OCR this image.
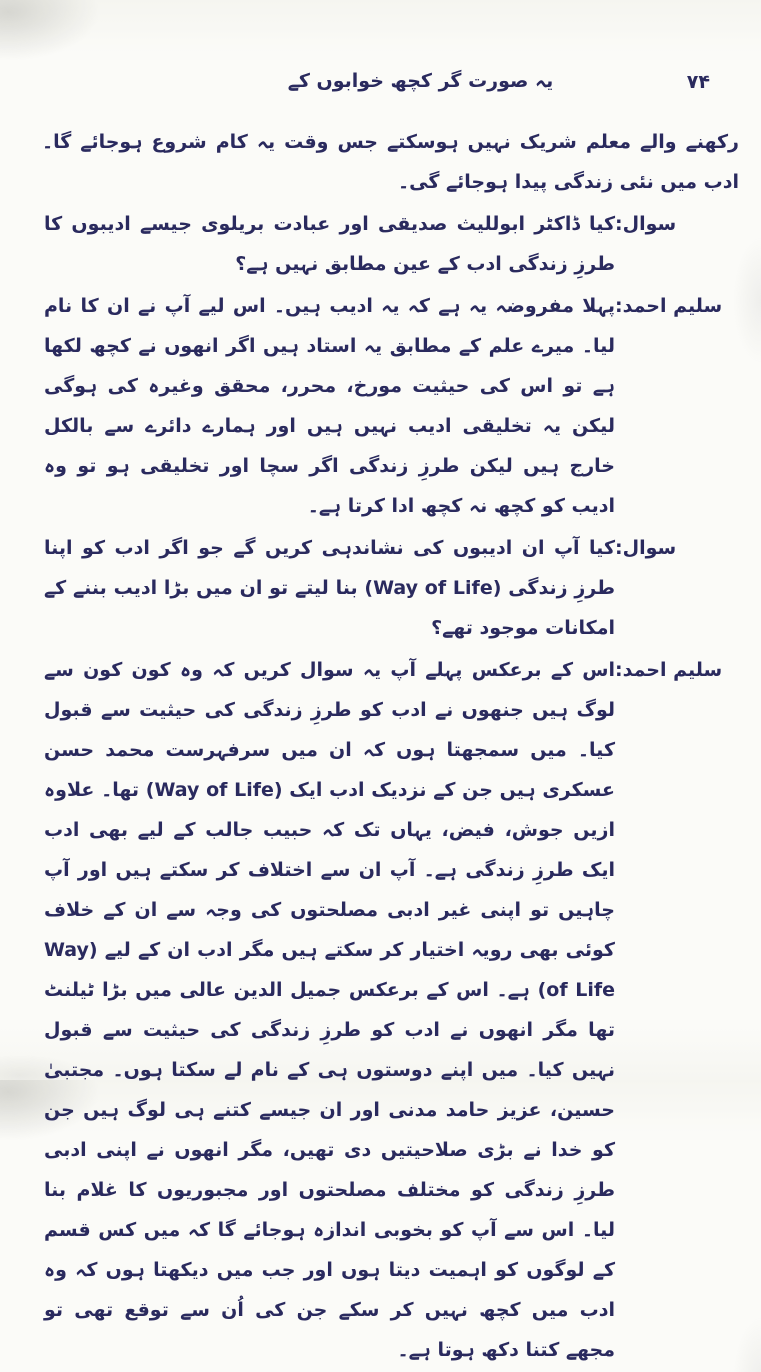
یہ صورت گر کچھ خوابوں کے	۷۴

رکھنے والے معلم شریک نہیں ہوسکتے جس وقت یہ کام شروع ہوجائے گا۔ ادب میں نئی زندگی پیدا ہوجائے گی۔

سوال:
کیا ڈاکٹر ابوللیث صدیقی اور عبادت بریلوی جیسے ادیبوں کا طرزِ زندگی ادب کے عین مطابق نہیں ہے؟
سلیم احمد:
پہلا مفروضہ یہ ہے کہ یہ ادیب ہیں۔ اس لیے آپ نے ان کا نام لیا۔ میرے علم کے مطابق یہ استاد ہیں اگر انھوں نے کچھ لکھا ہے تو اس کی حیثیت مورخ، محرر، محقق وغیرہ کی ہوگی لیکن یہ تخلیقی ادیب نہیں ہیں اور ہمارے دائرے سے بالکل خارج ہیں لیکن طرزِ زندگی اگر سچا اور تخلیقی ہو تو وہ ادیب کو کچھ نہ کچھ ادا کرتا ہے۔
سوال:
کیا آپ ان ادیبوں کی نشاندہی کریں گے جو اگر ادب کو اپنا طرزِ زندگی (Way of Life) بنا لیتے تو ان میں بڑا ادیب بننے کے امکانات موجود تھے؟
سلیم احمد:
اس کے برعکس پہلے آپ یہ سوال کریں کہ وہ کون کون سے لوگ ہیں جنھوں نے ادب کو طرزِ زندگی کی حیثیت سے قبول کیا۔ میں سمجھتا ہوں کہ ان میں سرفہرست محمد حسن عسکری ہیں جن کے نزدیک ادب ایک (Way of Life) تھا۔ علاوہ ازیں جوش، فیض، یہاں تک کہ حبیب جالب کے لیے بھی ادب ایک طرزِ زندگی ہے۔ آپ ان سے اختلاف کر سکتے ہیں اور آپ چاہیں تو اپنی غیر ادبی مصلحتوں کی وجہ سے ان کے خلاف کوئی بھی رویہ اختیار کر سکتے ہیں مگر ادب ان کے لیے (Way of Life) ہے۔ اس کے برعکس جمیل الدین عالی میں بڑا ٹیلنٹ تھا مگر انھوں نے ادب کو طرزِ زندگی کی حیثیت سے قبول نہیں کیا۔ میں اپنے دوستوں ہی کے نام لے سکتا ہوں۔ مجتبیٰ حسین، عزیز حامد مدنی اور ان جیسے کتنے ہی لوگ ہیں جن کو خدا نے بڑی صلاحیتیں دی تھیں، مگر انھوں نے اپنی ادبی طرزِ زندگی کو مختلف مصلحتوں اور مجبوریوں کا غلام بنا لیا۔ اس سے آپ کو بخوبی اندازہ ہوجائے گا کہ میں کس قسم کے لوگوں کو اہمیت دیتا ہوں اور جب میں دیکھتا ہوں کہ وہ ادب میں کچھ نہیں کر سکے جن کی اُن سے توقع تھی تو مجھے کتنا دکھ ہوتا ہے۔
